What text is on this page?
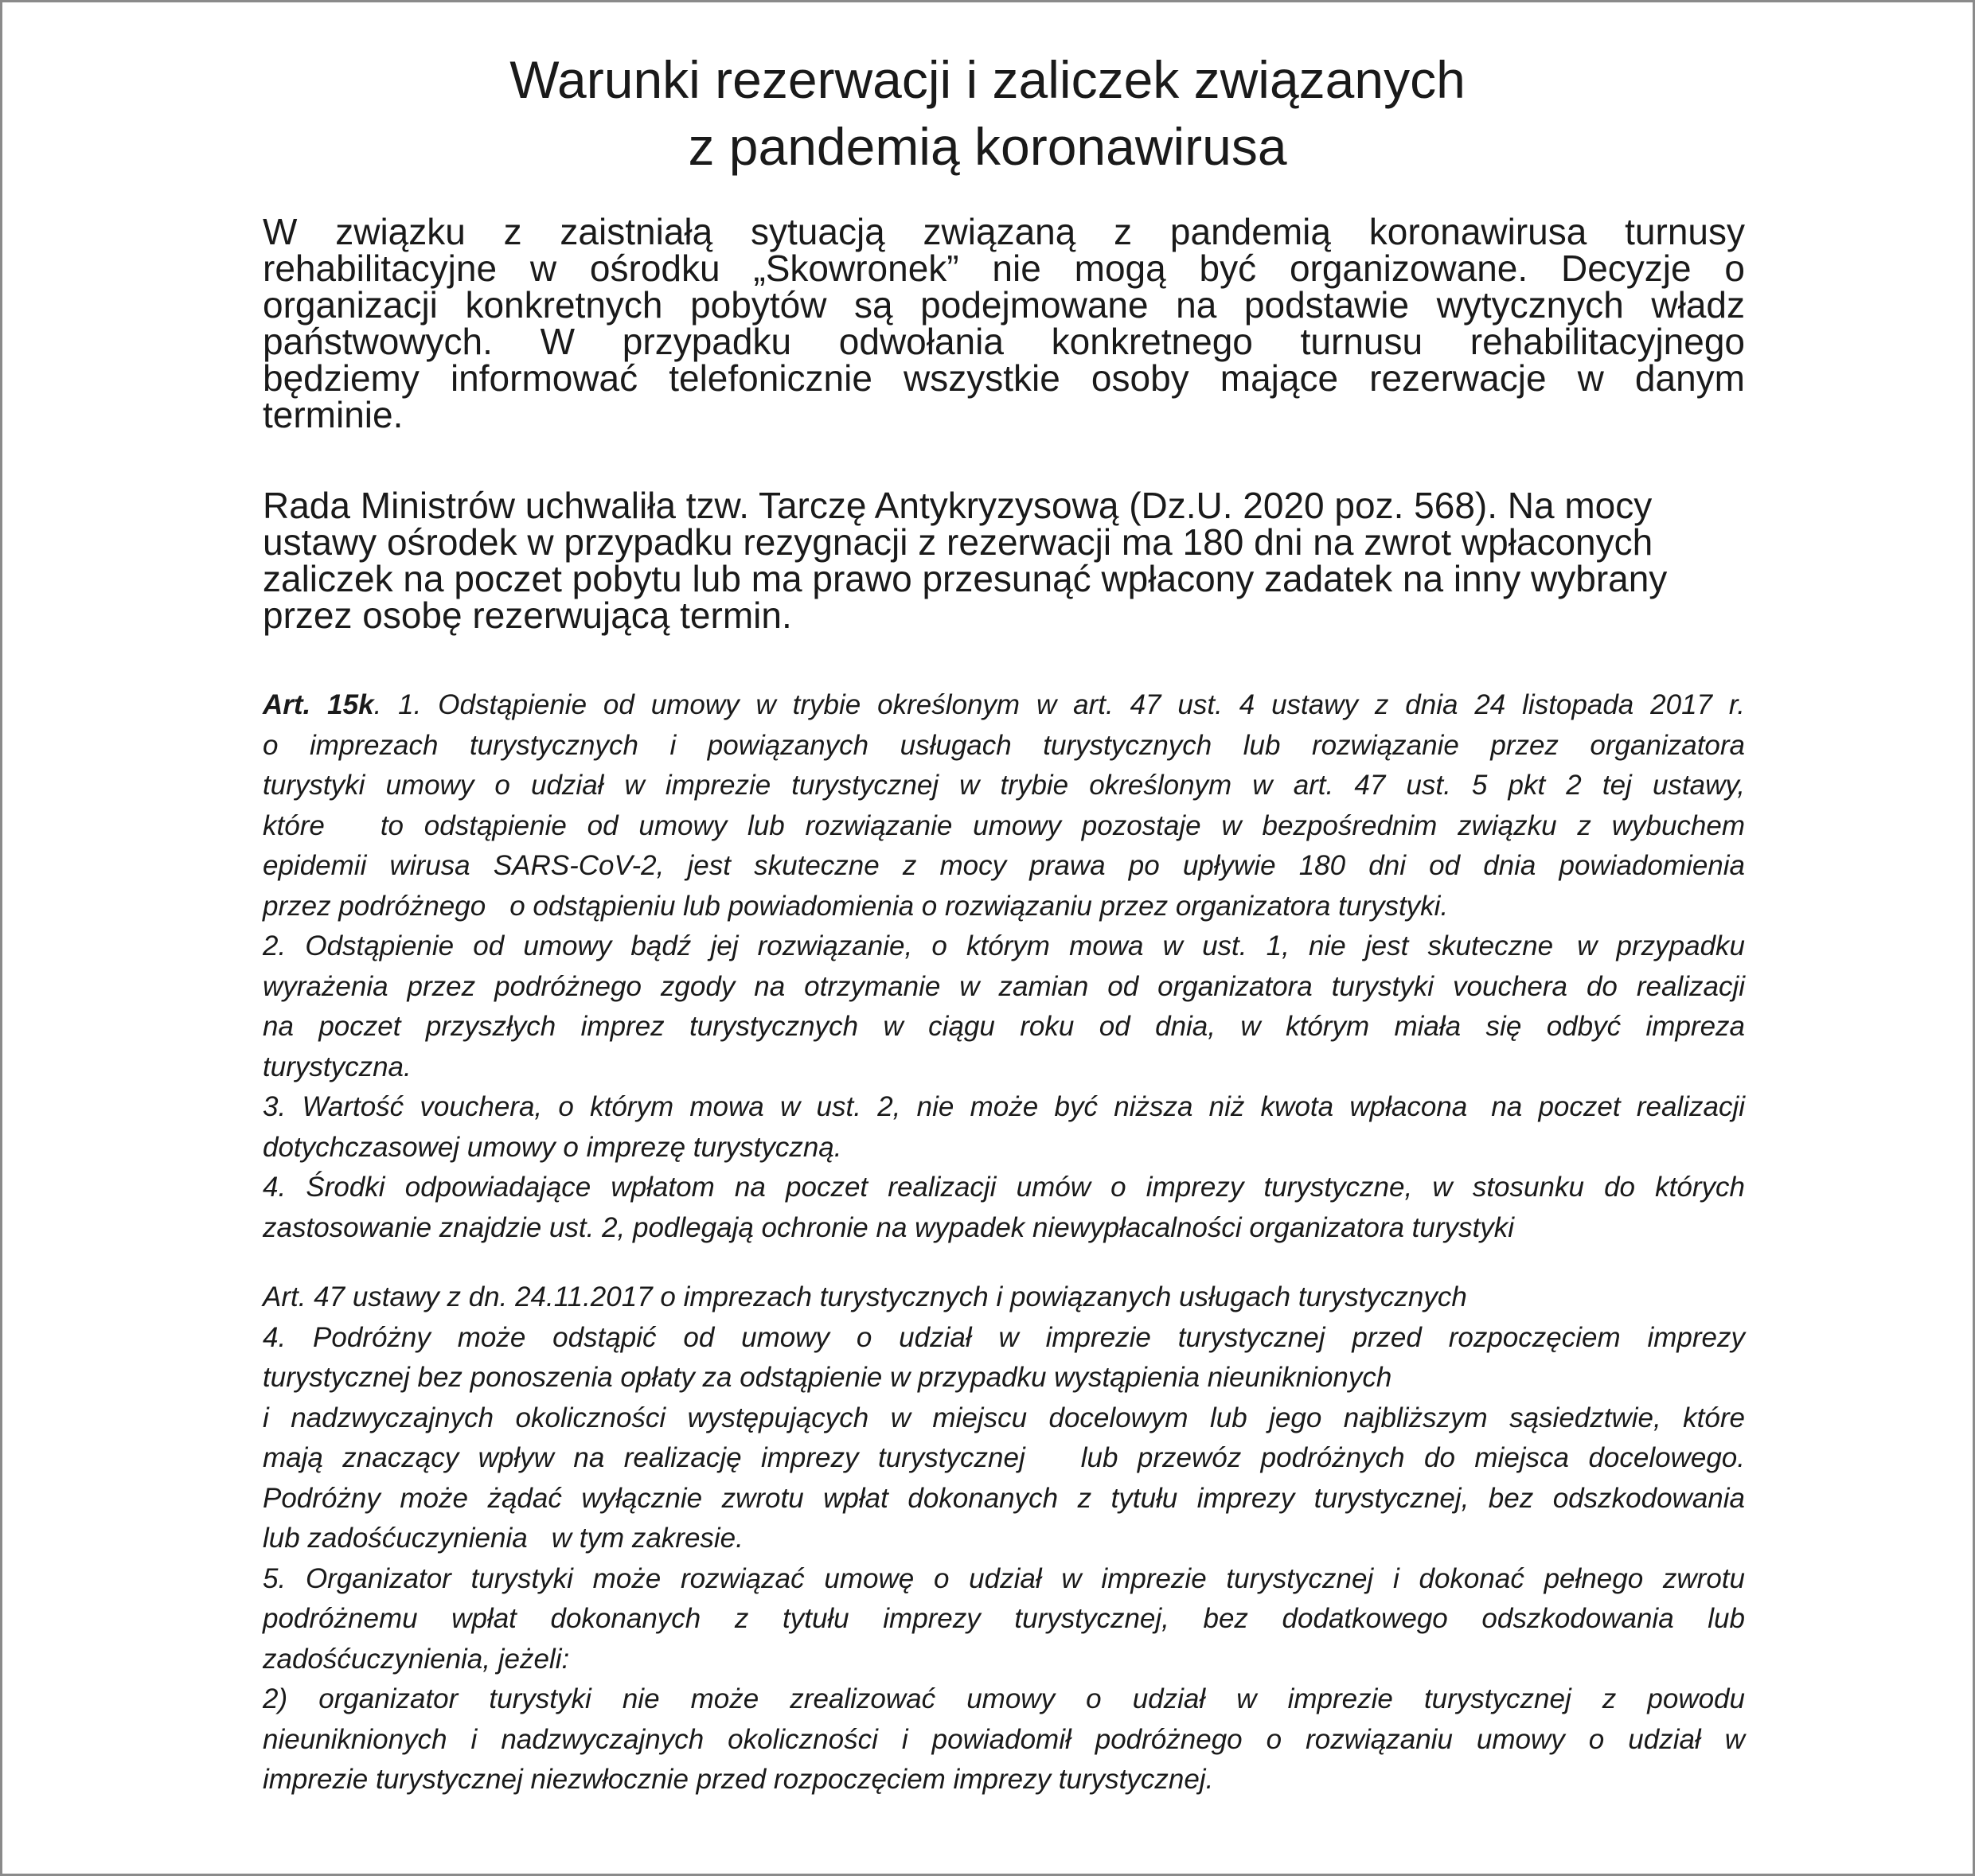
Warunki rezerwacji i zaliczek związanych
z pandemią koronawirusa
W związku z zaistniałą sytuacją związaną z pandemią koronawirusa turnusy
rehabilitacyjne w ośrodku „Skowronek” nie mogą być organizowane. Decyzje o
organizacji konkretnych pobytów są podejmowane na podstawie wytycznych władz
państwowych. W przypadku odwołania konkretnego turnusu rehabilitacyjnego
będziemy informować telefonicznie wszystkie osoby mające rezerwacje w danym
terminie.
Rada Ministrów uchwaliła tzw. Tarczę Antykryzysową (Dz.U. 2020 poz. 568). Na mocy
ustawy ośrodek w przypadku rezygnacji z rezerwacji ma 180 dni na zwrot wpłaconych
zaliczek na poczet pobytu lub ma prawo przesunąć wpłacony zadatek na inny wybrany
przez osobę rezerwującą termin.
Art. 15k. 1. Odstąpienie od umowy w trybie określonym w art. 47 ust. 4 ustawy z dnia 24 listopada 2017 r.
o imprezach turystycznych i powiązanych usługach turystycznych lub rozwiązanie przez organizatora
turystyki umowy o udział w imprezie turystycznej w trybie określonym w art. 47 ust. 5 pkt 2 tej ustawy,
które to odstąpienie od umowy lub rozwiązanie umowy pozostaje w bezpośrednim związku z wybuchem
epidemii wirusa SARS-CoV-2, jest skuteczne z mocy prawa po upływie 180 dni od dnia powiadomienia
przez podróżnego o odstąpieniu lub powiadomienia o rozwiązaniu przez organizatora turystyki.
2. Odstąpienie od umowy bądź jej rozwiązanie, o którym mowa w ust. 1, nie jest skuteczne w przypadku
wyrażenia przez podróżnego zgody na otrzymanie w zamian od organizatora turystyki vouchera do realizacji
na poczet przyszłych imprez turystycznych w ciągu roku od dnia, w którym miała się odbyć impreza
turystyczna.
3. Wartość vouchera, o którym mowa w ust. 2, nie może być niższa niż kwota wpłacona na poczet realizacji
dotychczasowej umowy o imprezę turystyczną.
4. Środki odpowiadające wpłatom na poczet realizacji umów o imprezy turystyczne, w stosunku do których
zastosowanie znajdzie ust. 2, podlegają ochronie na wypadek niewypłacalności organizatora turystyki
Art. 47 ustawy z dn. 24.11.2017 o imprezach turystycznych i powiązanych usługach turystycznych
4. Podróżny może odstąpić od umowy o udział w imprezie turystycznej przed rozpoczęciem imprezy
turystycznej bez ponoszenia opłaty za odstąpienie w przypadku wystąpienia nieuniknionych
i nadzwyczajnych okoliczności występujących w miejscu docelowym lub jego najbliższym sąsiedztwie, które
mają znaczący wpływ na realizację imprezy turystycznej lub przewóz podróżnych do miejsca docelowego.
Podróżny może żądać wyłącznie zwrotu wpłat dokonanych z tytułu imprezy turystycznej, bez odszkodowania
lub zadośćuczynienia w tym zakresie.
5. Organizator turystyki może rozwiązać umowę o udział w imprezie turystycznej i dokonać pełnego zwrotu
podróżnemu wpłat dokonanych z tytułu imprezy turystycznej, bez dodatkowego odszkodowania lub
zadośćuczynienia, jeżeli:
2) organizator turystyki nie może zrealizować umowy o udział w imprezie turystycznej z powodu
nieuniknionych i nadzwyczajnych okoliczności i powiadomił podróżnego o rozwiązaniu umowy o udział w
imprezie turystycznej niezwłocznie przed rozpoczęciem imprezy turystycznej.
